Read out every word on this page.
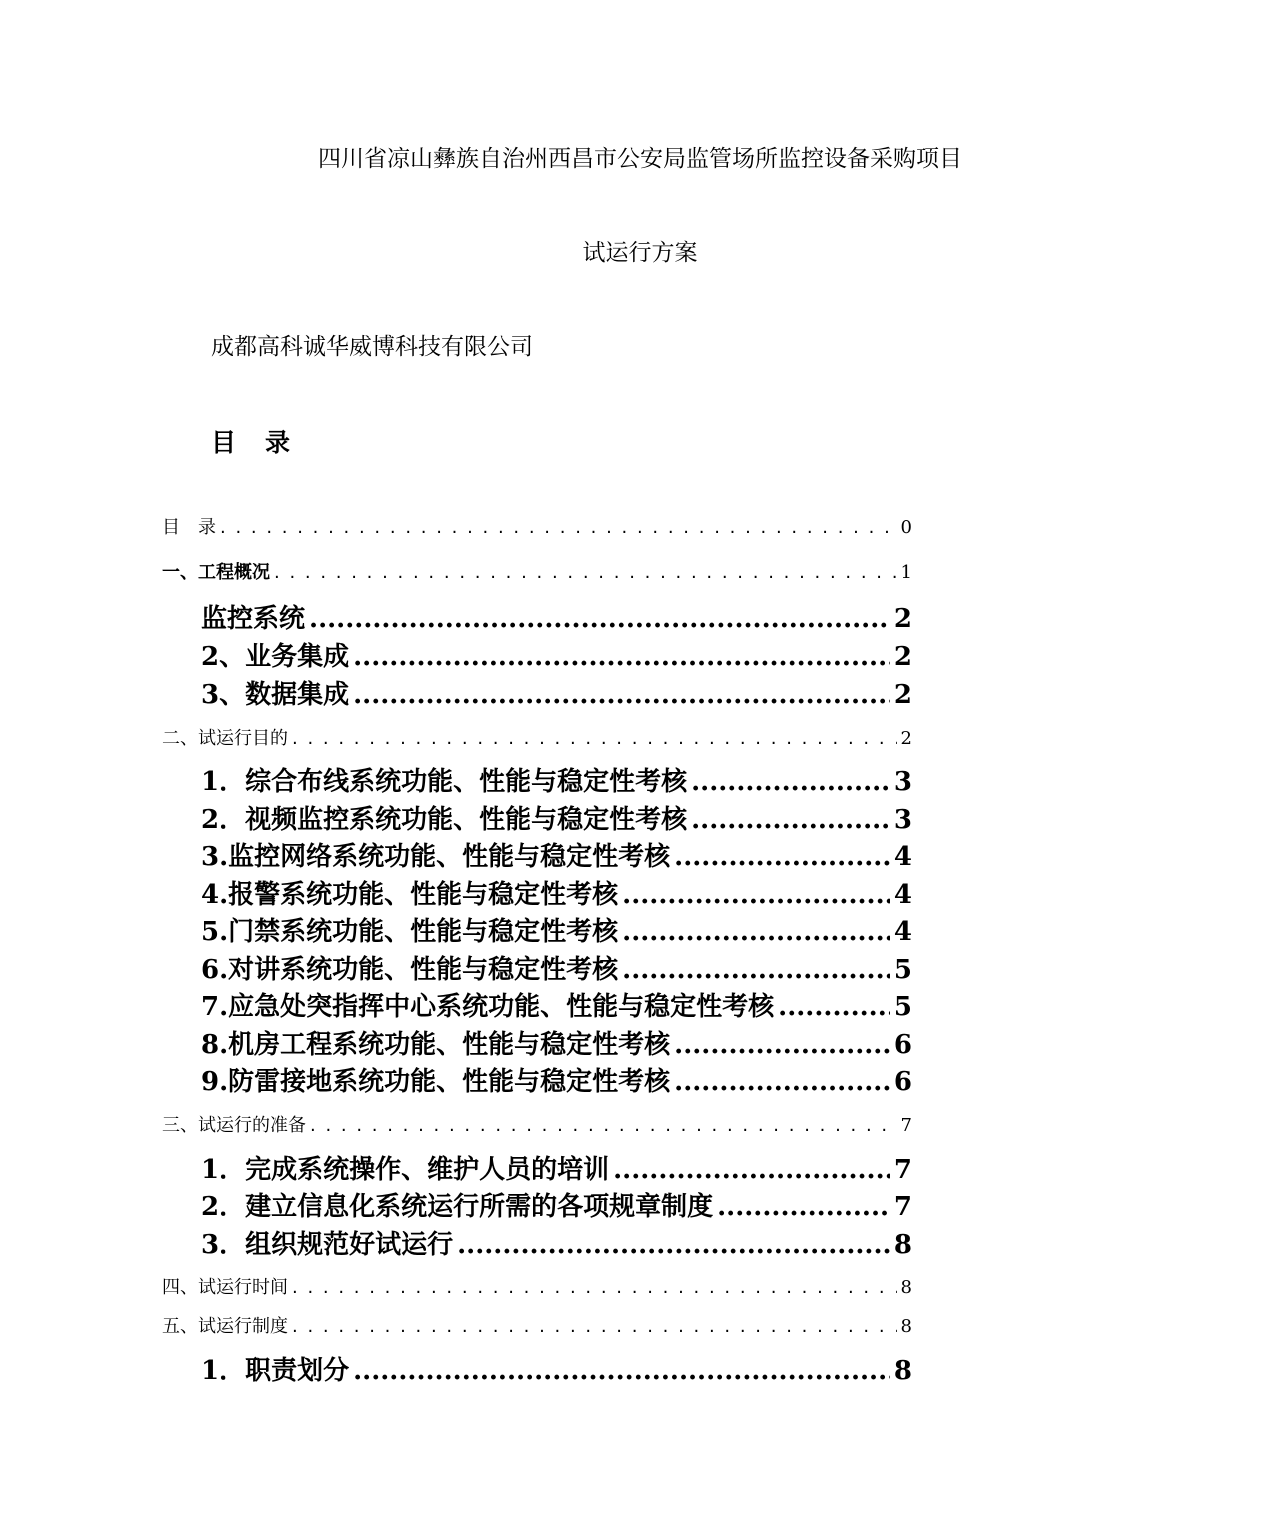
四川省凉山彝族自治州西昌市公安局监管场所监控设备采购项目
试运行方案
成都高科诚华威博科技有限公司
目　录
目　录 . . .	0
一、工程概况 . . .	1
监控系统 .....	2
2、业务集成 .....	2
3、数据集成 .....	2
二、试运行目的 . . .	2
1．综合布线系统功能、性能与稳定性考核 .....	3
2．视频监控系统功能、性能与稳定性考核 .....	3
3.监控网络系统功能、性能与稳定性考核 .....	4
4.报警系统功能、性能与稳定性考核 .....	4
5.门禁系统功能、性能与稳定性考核 .....	4
6.对讲系统功能、性能与稳定性考核 .....	5
7.应急处突指挥中心系统功能、性能与稳定性考核 .....	5
8.机房工程系统功能、性能与稳定性考核 .....	6
9.防雷接地系统功能、性能与稳定性考核 .....	6
三、试运行的准备 . . .	7
1．完成系统操作、维护人员的培训 .....	7
2．建立信息化系统运行所需的各项规章制度 .....	7
3．组织规范好试运行 .....	8
四、试运行时间 . . .	8
五、试运行制度 . . .	8
1．职责划分 .....	8
